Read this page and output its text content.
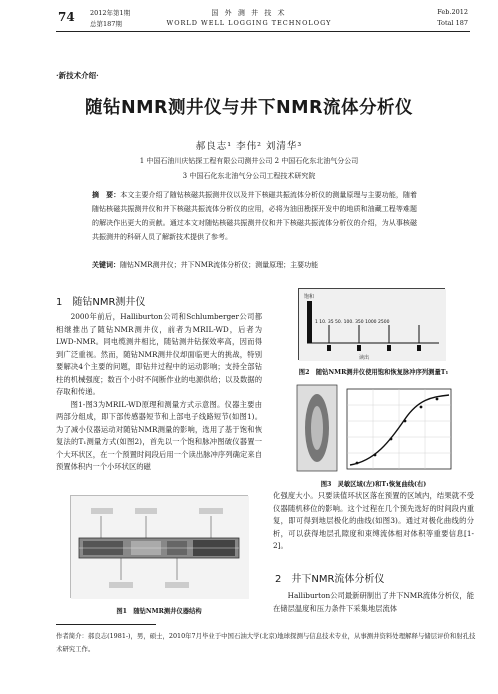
74 2012年第1期
总第187期
国 外 测 井 技 术
WORLD WELL LOGGING TECHNOLOGY
Feb.2012
Total 187
·新技术介绍·
随钻NMR测井仪与井下NMR流体分析仪
郝良志¹ 李伟² 刘清华³
1 中国石油川庆钻探工程有限公司测井公司 2 中国石化东北油气分公司
3 中国石化东北油气分公司工程技术研究院
摘　要：本文主要介绍了随钻核磁共振测井仪以及井下核磁共振流体分析仪的测量原理与主要功能，随着随钻核磁共振测井仪和井下核磁共振流体分析仪的应用，必将为油田勘探开发中的地质和油藏工程等难题的解决作出更大的贡献。通过本文对随钻核磁共振测井仪和井下核磁共振流体分析仪的介绍，为从事核磁共振测井的科研人员了解新技术提供了参考。
关键词：随钻NMR测井仪；井下NMR流体分析仪；测量原理；主要功能
1　随钻NMR测井仪

2000年前后，Halliburton公司和Schlumberger公司都相继推出了随钻NMR测井仪，前者为MRIL-WD，后者为LWD-NMR。同电缆测井相比，随钻测井钻探效率高，因而得到广泛重视。然而，随钻NMR测井仪却面临更大的挑战，特别要解决4个主要的问题，即钻井过程中的运动影响；支持全部钻柱的机械强度；数百个小时不间断作业的电源供给；以及数据的存取和传递。

图1-图3为MRIL-WD原理和测量方式示意图。仪器主要由两部分组成，即下部传感器短节和上部电子线路短节(如图1)。为了减小仪器运动对随钻NMR测量的影响，选用了基于饱和恢复法的T₁测量方式(如图2)，首先以一个饱和脉冲图破仪器置一个大环状区，在一个预置时间段后用一个读出脉冲序列确定来自预置体积内一个小环状区的磁

图1　随钻NMR测井仪器结构
饱和
1 10. 35 50. 100. 350 1000 2500
读出
图2　随钻NMR测井仪使用饱和恢复脉冲序列测量T₁
图3　灵敏区域(左)和T₁恢复曲线(右)

化强度大小。只要读值环状区落在预置的区域内，结果就不受仪器随机移位的影响。这个过程在几个预先选好的时间段内重复，即可得到地层极化的曲线(如图3)。通过对极化曲线的分析，可以获得地层孔隙度和束缚流体相对体积等重要信息[1-2]。

2　井下NMR流体分析仪

Halliburton公司最新研制出了井下NMR流体分析仪，能在储层温度和压力条件下采集地层流体

作者简介：郝良志(1981-)，男，硕士，2010年7月毕业于中国石油大学(北京)地球探测与信息技术专业，从事测井资料处理解释与储层评价和射孔技术研究工作。
